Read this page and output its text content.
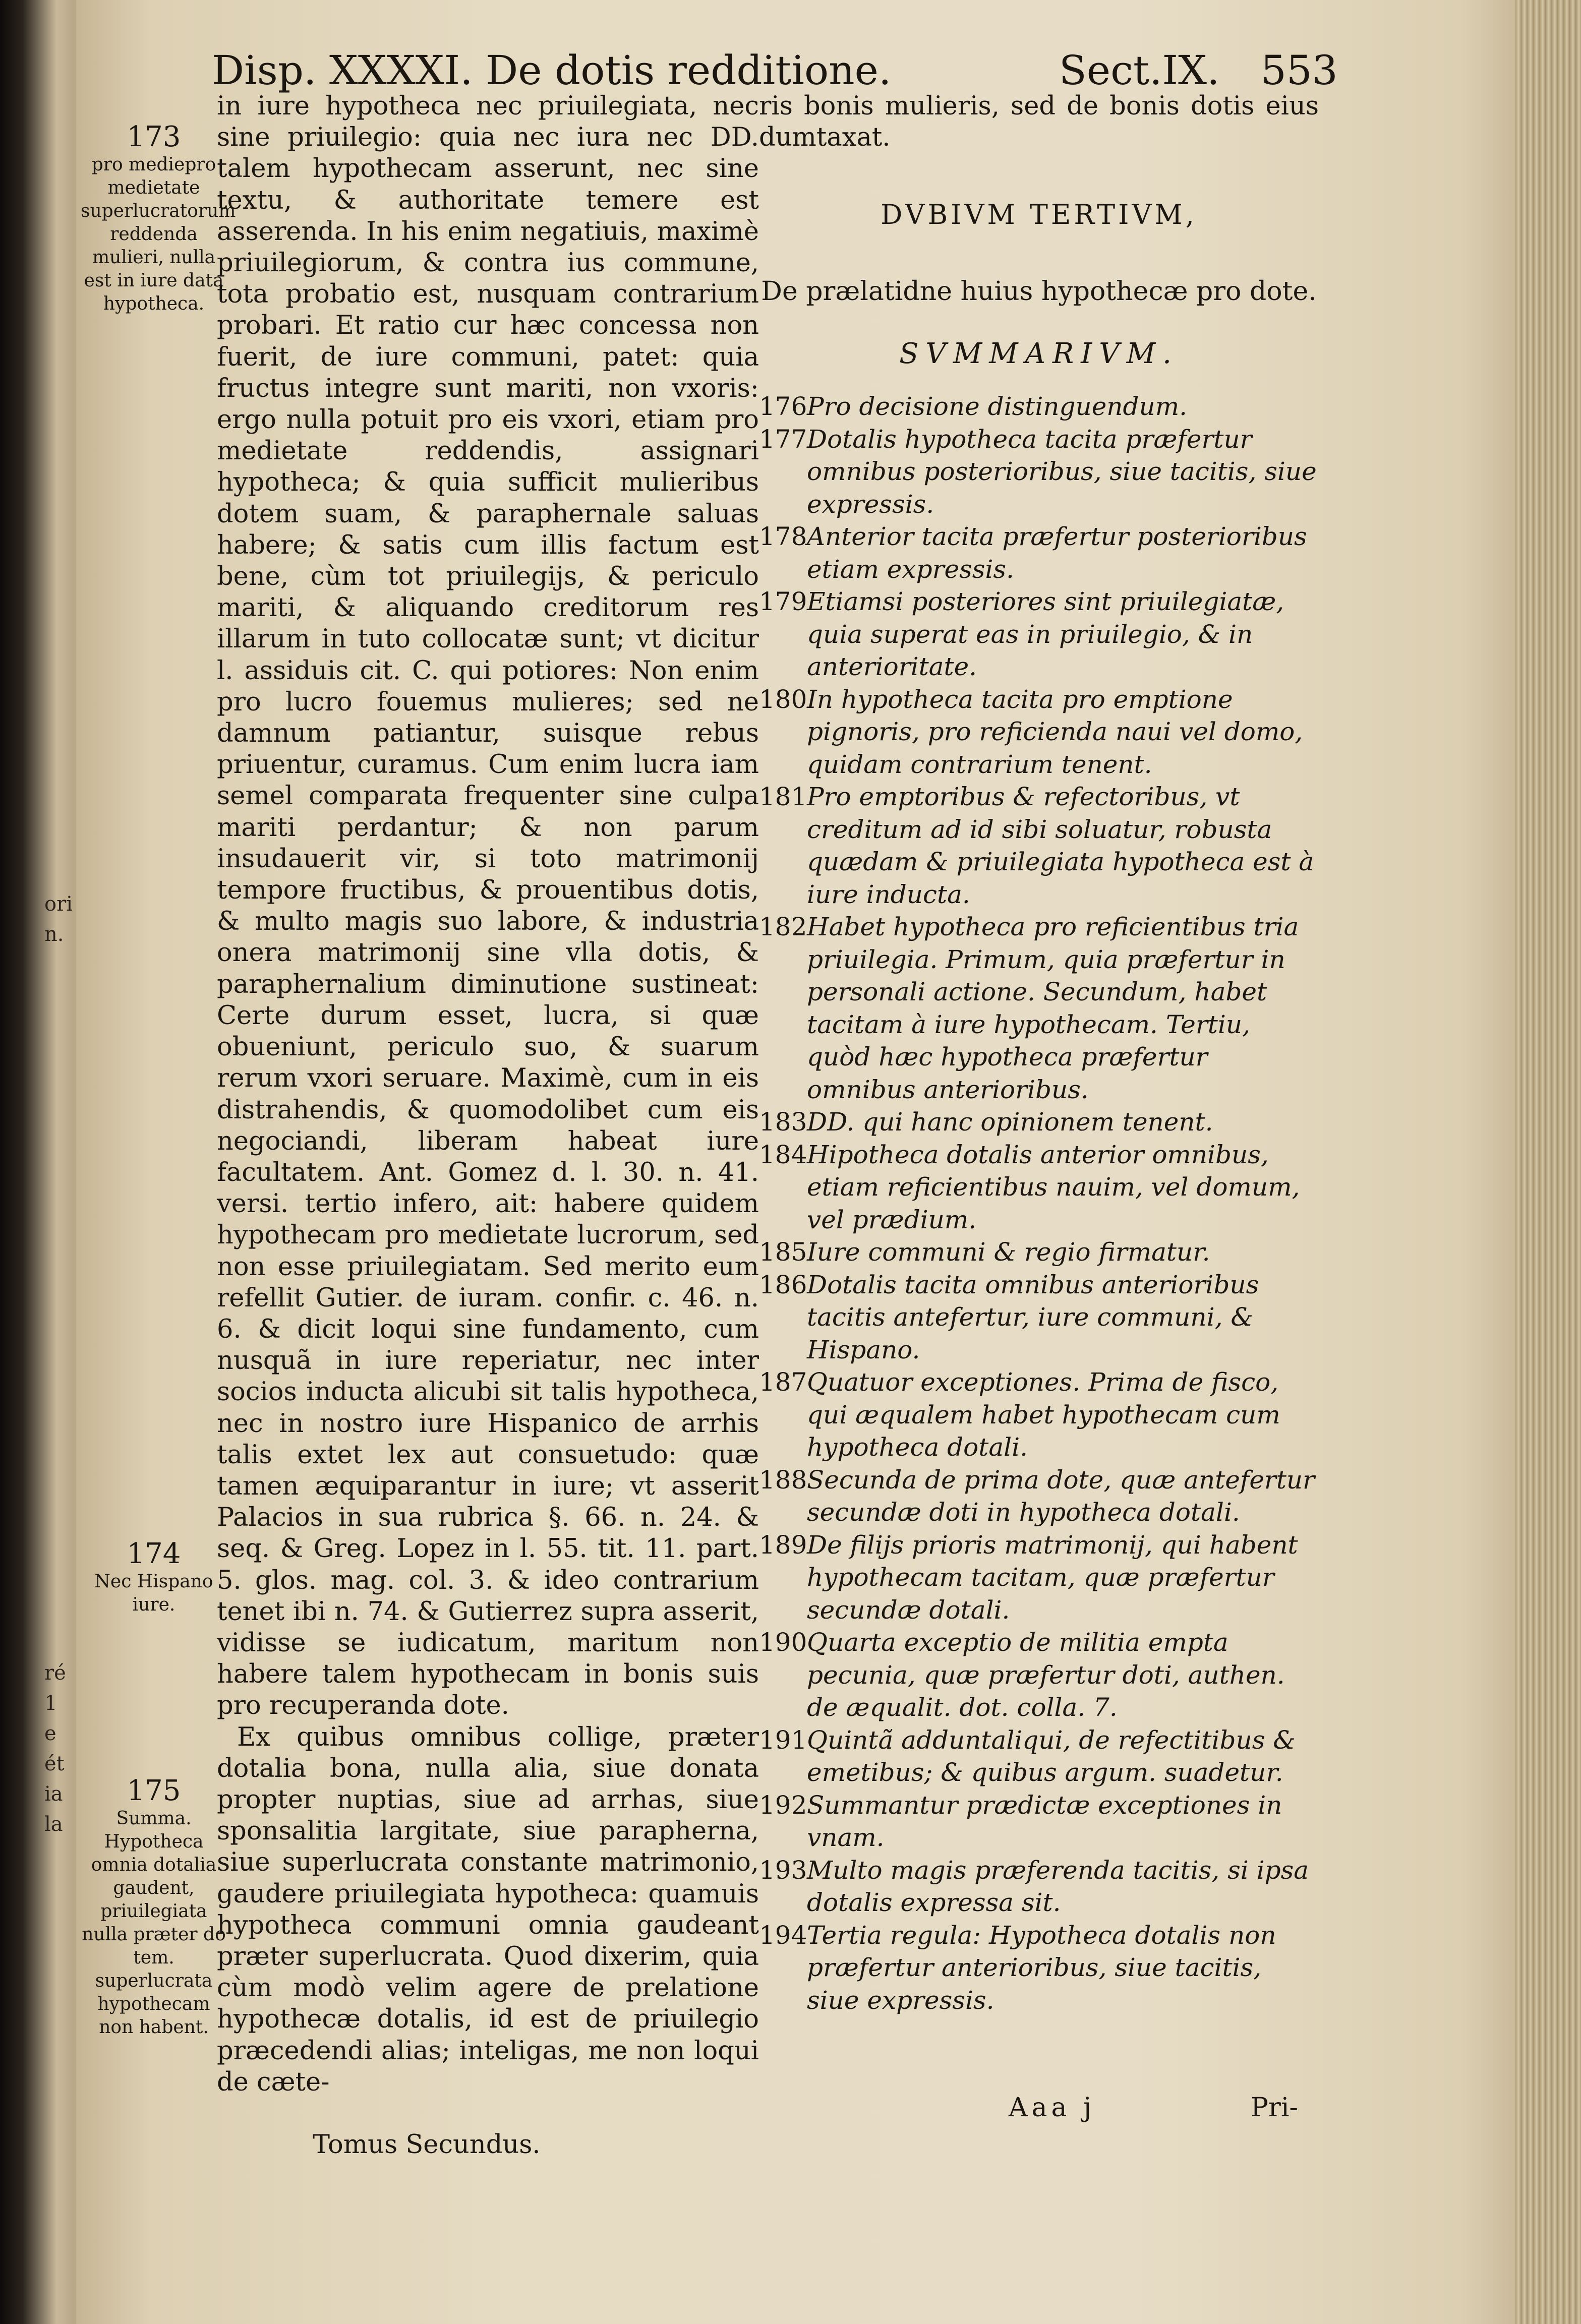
ori
n.
ré
1
e
ét
ia
la
Disp. XXXXI. De dotis redditione.	Sect.IX. 553
173
pro mediepro medietate superlucratorum reddenda mulieri, nulla est in iure data hypotheca.
174
Nec Hispano iure.
175
Summa. Hypotheca omnia dotalia gaudent, priuilegiata nulla præter do tem. superlucrata hypothecam non habent.

in iure hypotheca nec priuilegiata, nec sine priuilegio: quia nec iura nec DD. talem hypothecam asserunt, nec sine textu, & authoritate temere est asserenda. In his enim negatiuis, maximè priuilegiorum, & contra ius commune, tota probatio est, nusquam contrarium probari. Et ratio cur hæc concessa non fuerit, de iure communi, patet: quia fructus integre sunt mariti, non vxoris: ergo nulla potuit pro eis vxori, etiam pro medietate reddendis, assignari hypotheca; & quia sufficit mulieribus dotem suam, & paraphernale saluas habere; & satis cum illis factum est bene, cùm tot priuilegijs, & periculo mariti, & aliquando creditorum res illarum in tuto collocatæ sunt; vt dicitur l. assiduis cit. C. qui potiores: Non enim pro lucro fouemus mulieres; sed ne damnum patiantur, suisque rebus priuentur, curamus. Cum enim lucra iam semel comparata frequenter sine culpa mariti perdantur; & non parum insudauerit vir, si toto matrimonij tempore fructibus, & prouentibus dotis, & multo magis suo labore, & industria onera matrimonij sine vlla dotis, & paraphernalium diminutione sustineat: Certe durum esset, lucra, si quæ obueniunt, periculo suo, & suarum rerum vxori seruare. Maximè, cum in eis distrahendis, & quomodolibet cum eis negociandi, liberam habeat iure facultatem. Ant. Gomez d. l. 30. n. 41. versi. tertio infero, ait: habere quidem hypothecam pro medietate lucrorum, sed non esse priuilegiatam. Sed merito eum refellit Gutier. de iuram. confir. c. 46. n. 6. & dicit loqui sine fundamento, cum nusquã in iure reperiatur, nec inter socios inducta alicubi sit talis hypotheca, nec in nostro iure Hispanico de arrhis talis extet lex aut consuetudo: quæ tamen æquiparantur in iure; vt asserit Palacios in sua rubrica §. 66. n. 24. & seq. & Greg. Lopez in l. 55. tit. 11. part. 5. glos. mag. col. 3. & ideo contrarium tenet ibi n. 74. & Gutierrez supra asserit, vidisse se iudicatum, maritum non habere talem hypothecam in bonis suis pro recuperanda dote.

Ex quibus omnibus collige, præter dotalia bona, nulla alia, siue donata propter nuptias, siue ad arrhas, siue sponsalitia largitate, siue paraphernа, siue superlucrata constante matrimonio, gaudere priuilegiata hypotheca: quamuis hypotheca communi omnia gaudeant præter superlucrata. Quod dixerim, quia cùm modò velim agere de prelatione hypothecæ dotalis, id est de priuilegio præcedendi alias; inteligas, me non loqui de cæte-

Tomus Secundus.

ris bonis mulieris, sed de bonis dotis eius dumtaxat.

DVBIVM TERTIVM,
De prælatidne huius hypothecæ pro dote.
SVMMARIVM.

176Pro decisione distinguendum.

177Dotalis hypotheca tacita præfertur omnibus posterioribus, siue tacitis, siue expressis.

178Anterior tacita præfertur posterioribus etiam expressis.

179Etiamsi posteriores sint priuilegiatæ, quia superat eas in priuilegio, & in anterioritate.

180In hypotheca tacita pro emptione pignoris, pro reficienda naui vel domo, quidam contrarium tenent.

181Pro emptoribus & refectoribus, vt creditum ad id sibi soluatur, robusta quædam & priuilegiata hypotheca est à iure inducta.

182Habet hypotheca pro reficientibus tria priuilegia. Primum, quia præfertur in personali actione. Secundum, habet tacitam à iure hypothecam. Tertiu, quòd hæc hypotheca præfertur omnibus anterioribus.

183DD. qui hanc opinionem tenent.

184Hipotheca dotalis anterior omnibus, etiam reficientibus nauim, vel domum, vel prædium.

185Iure communi & regio firmatur.

186Dotalis tacita omnibus anterioribus tacitis antefertur, iure communi, & Hispano.

187Quatuor exceptiones. Prima de fisco, qui æqualem habet hypothecam cum hypotheca dotali.

188Secunda de prima dote, quæ antefertur secundæ doti in hypotheca dotali.

189De filijs prioris matrimonij, qui habent hypothecam tacitam, quæ præfertur secundæ dotali.

190Quarta exceptio de militia empta pecunia, quæ præfertur doti, authen. de æqualit. dot. colla. 7.

191Quintã adduntaliqui, de refectitibus & emetibus; & quibus argum. suadetur.

192Summantur prædictæ exceptiones in vnam.

193Multo magis præferenda tacitis, si ipsa dotalis expressa sit.

194Tertia regula: Hypotheca dotalis non præfertur anterioribus, siue tacitis, siue expressis.

Aaa j	Pri-
